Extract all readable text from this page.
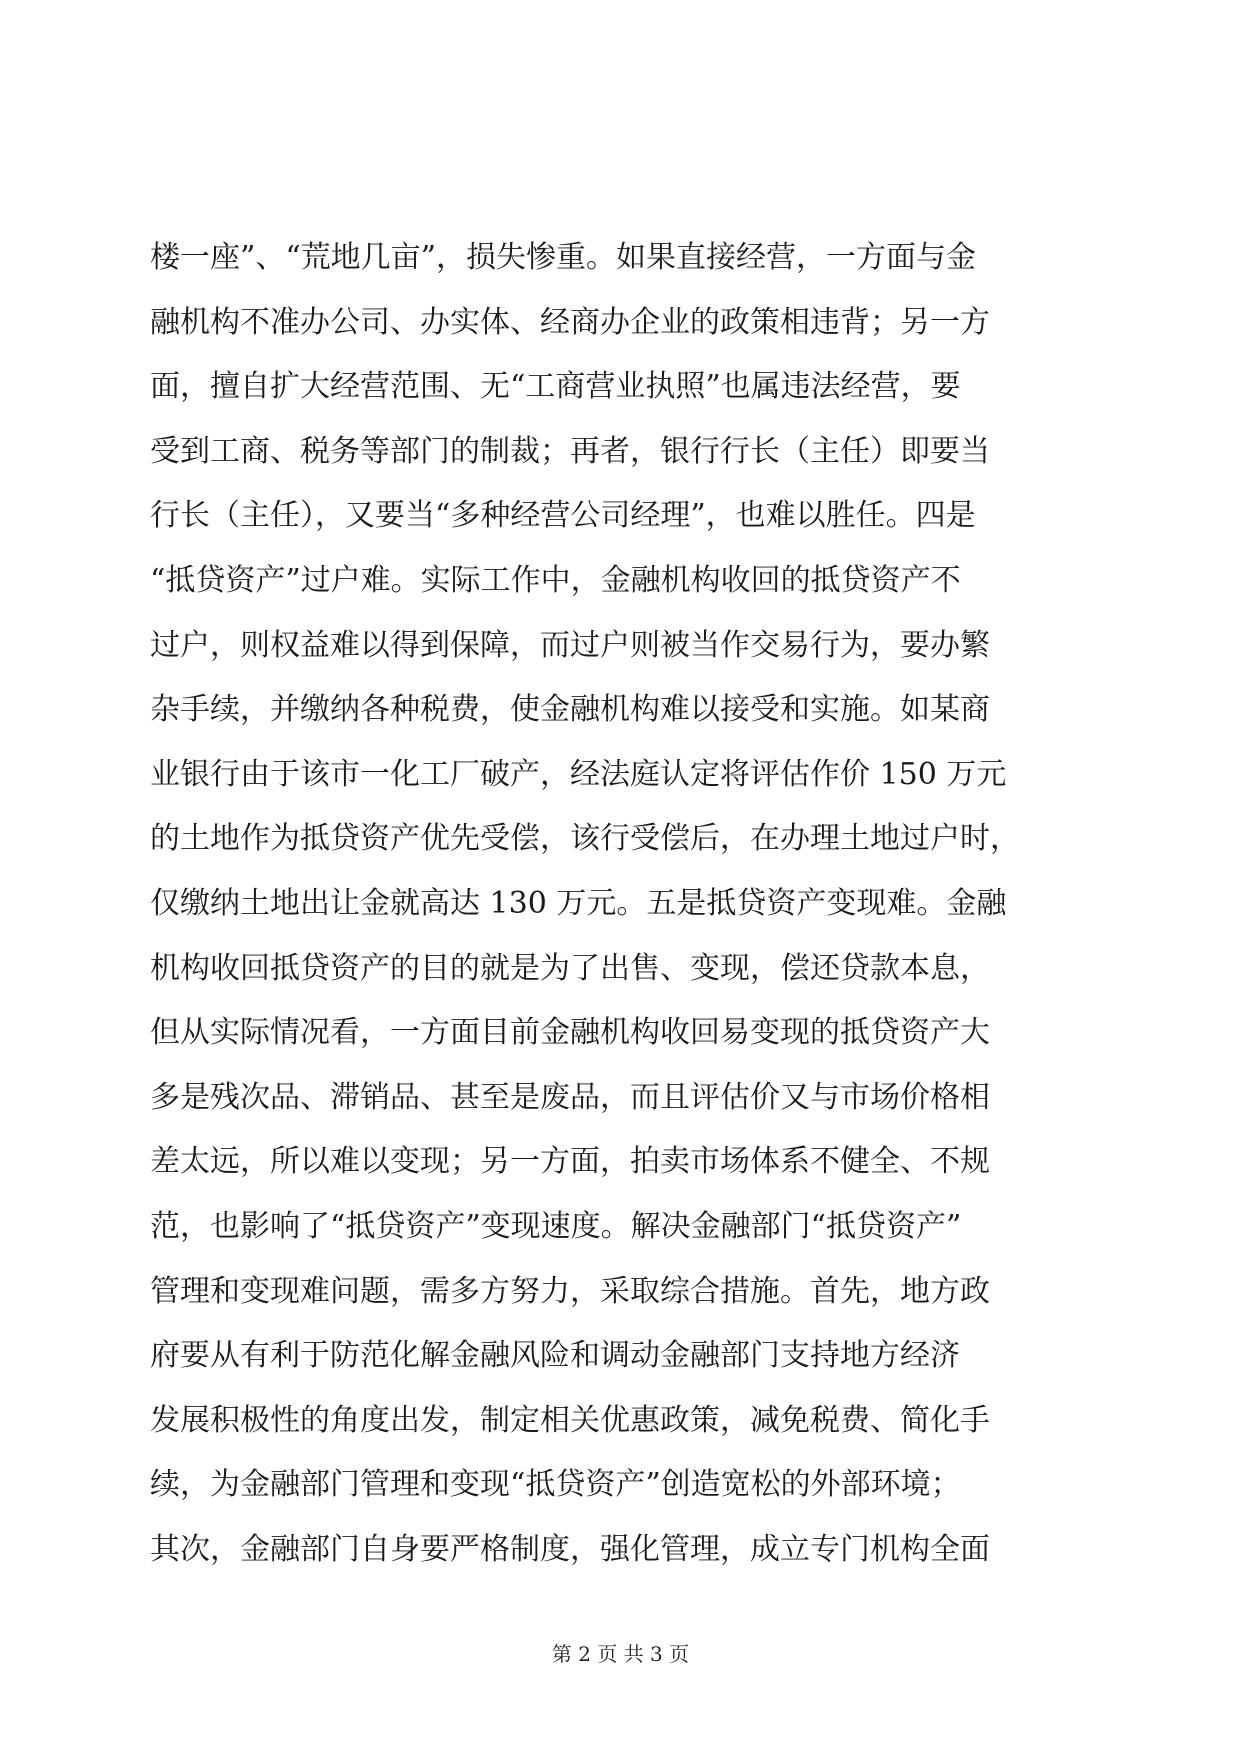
楼一座”、“荒地几亩”，损失惨重。如果直接经营，一方面与金
融机构不准办公司、办实体、经商办企业的政策相违背；另一方
面，擅自扩大经营范围、无“工商营业执照”也属违法经营，要
受到工商、税务等部门的制裁；再者，银行行长（主任）即要当
行长（主任），又要当“多种经营公司经理”，也难以胜任。四是
“抵贷资产”过户难。实际工作中，金融机构收回的抵贷资产不
过户，则权益难以得到保障，而过户则被当作交易行为，要办繁
杂手续，并缴纳各种税费，使金融机构难以接受和实施。如某商
业银行由于该市一化工厂破产，经法庭认定将评估作价 150 万元
的土地作为抵贷资产优先受偿，该行受偿后，在办理土地过户时，
仅缴纳土地出让金就高达 130 万元。五是抵贷资产变现难。金融
机构收回抵贷资产的目的就是为了出售、变现，偿还贷款本息，
但从实际情况看，一方面目前金融机构收回易变现的抵贷资产大
多是残次品、滞销品、甚至是废品，而且评估价又与市场价格相
差太远，所以难以变现；另一方面，拍卖市场体系不健全、不规
范，也影响了“抵贷资产”变现速度。解决金融部门“抵贷资产”
管理和变现难问题，需多方努力，采取综合措施。首先，地方政
府要从有利于防范化解金融风险和调动金融部门支持地方经济
发展积极性的角度出发，制定相关优惠政策，减免税费、简化手
续，为金融部门管理和变现“抵贷资产”创造宽松的外部环境；
其次，金融部门自身要严格制度，强化管理，成立专门机构全面
第 2 页 共 3 页
